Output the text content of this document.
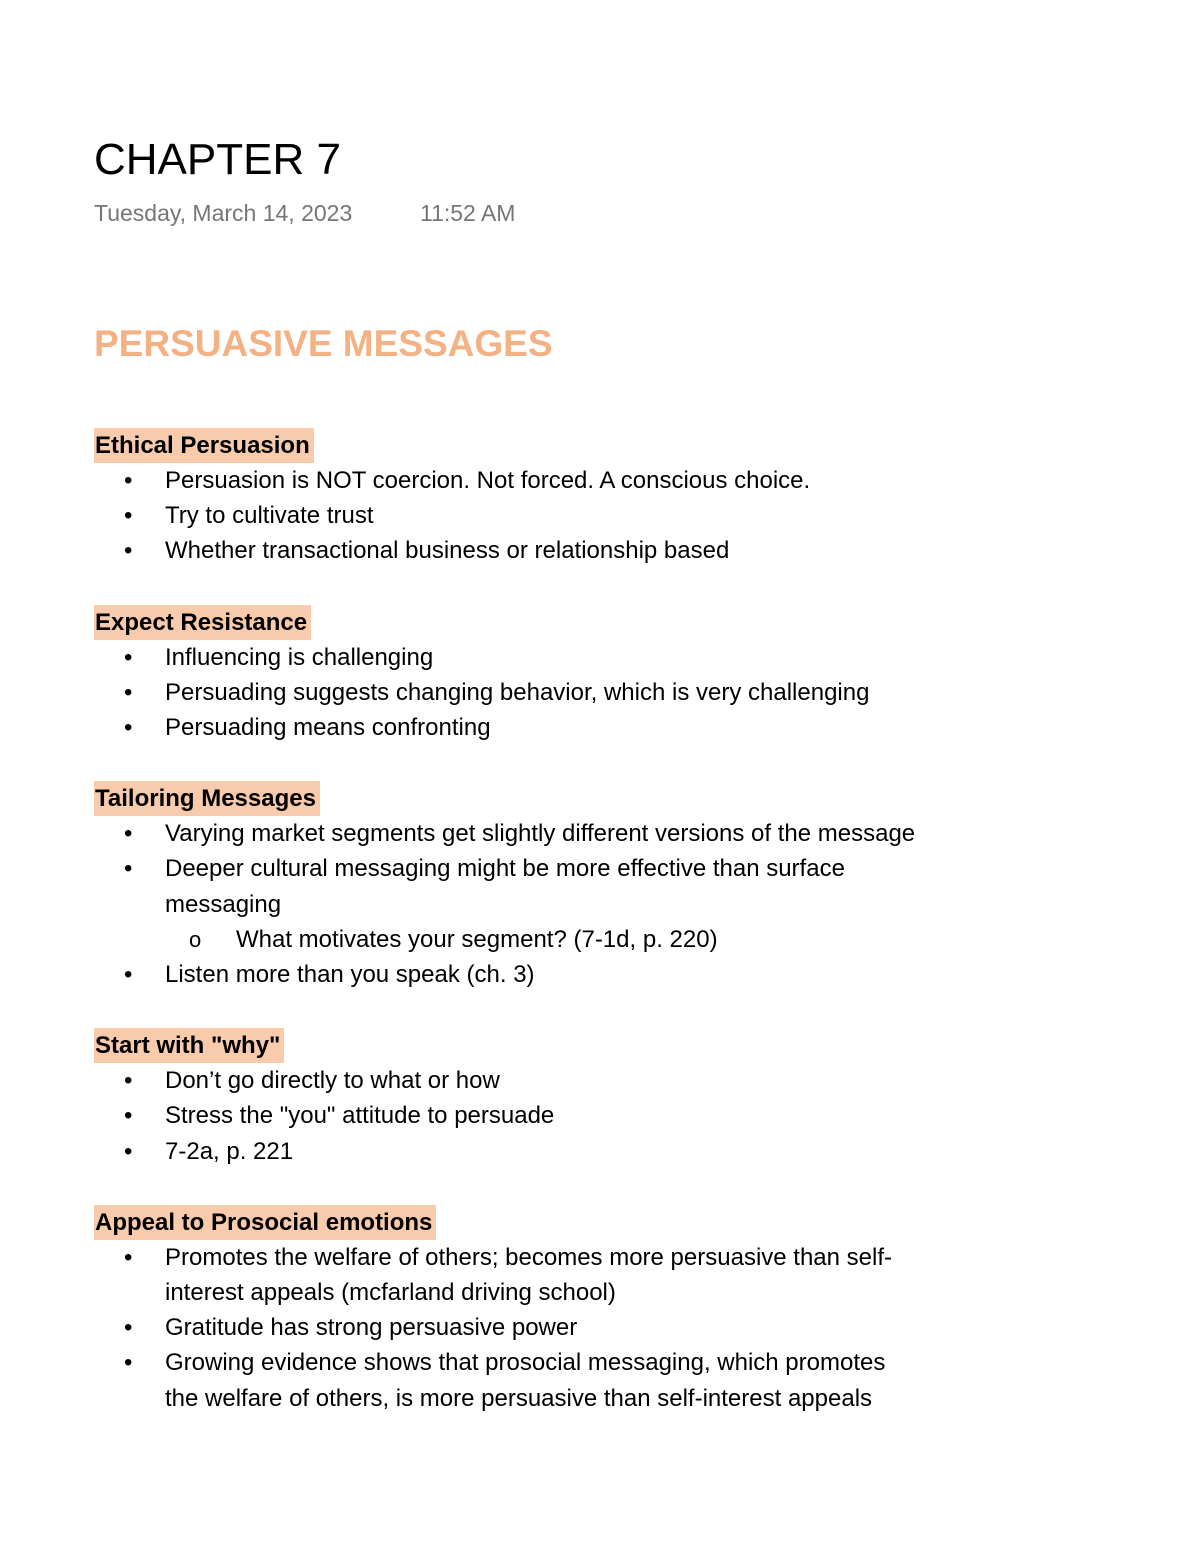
CHAPTER 7
Tuesday, March 14, 2023	11:52 AM
PERSUASIVE MESSAGES
Ethical Persuasion
• Persuasion is NOT coercion. Not forced. A conscious choice.
• Try to cultivate trust
• Whether transactional business or relationship based
Expect Resistance
• Influencing is challenging
• Persuading suggests changing behavior, which is very challenging
• Persuading means confronting
Tailoring Messages
• Varying market segments get slightly different versions of the message
• Deeper cultural messaging might be more effective than surface messaging
o What motivates your segment? (7-1d, p. 220)
• Listen more than you speak (ch. 3)
Start with "why"
• Don’t go directly to what or how
• Stress the "you" attitude to persuade
• 7-2a, p. 221
Appeal to Prosocial emotions
• Promotes the welfare of others; becomes more persuasive than self-interest appeals (mcfarland driving school)
• Gratitude has strong persuasive power
• Growing evidence shows that prosocial messaging, which promotes the welfare of others, is more persuasive than self-interest appeals
